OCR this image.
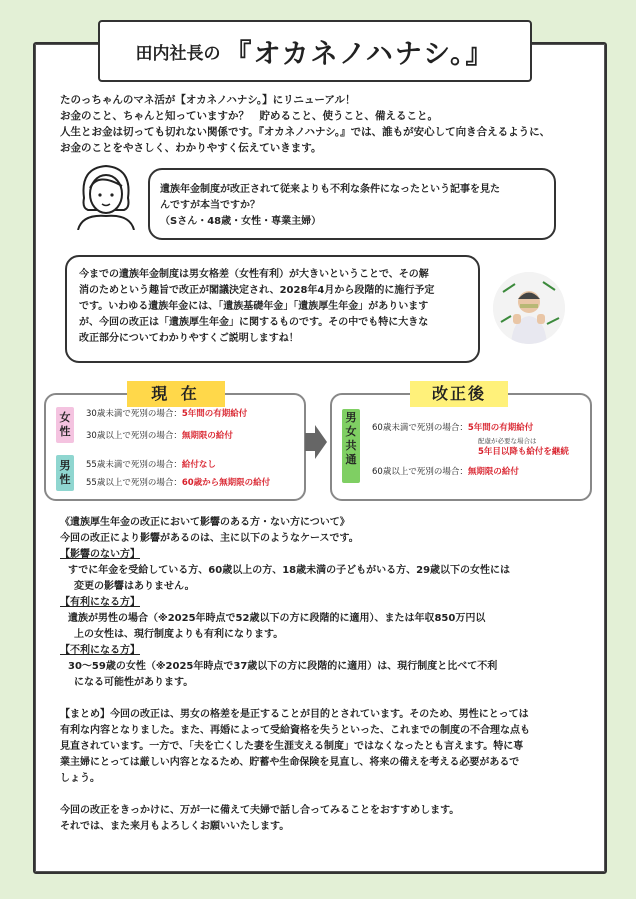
田内社長の 『オカネノハナシ。』

たのっちゃんのマネ活が【オカネノハナシ。】にリニューアル！

お金のこと、ちゃんと知っていますか？　貯めること、使うこと、備えること。

人生とお金は切っても切れない関係です。『オカネノハナシ。』では、誰もが安心して向き合えるように、

お金のことをやさしく、わかりやすく伝えていきます。

遺族年金制度が改正されて従来よりも不利な条件になったという記事を見た
んですが本当ですか？
（Sさん・48歳・女性・専業主婦）
今までの遺族年金制度は男女格差（女性有利）が大きいということで、その解
消のためという趣旨で改正が閣議決定され、2028年4月から段階的に施行予定
です。いわゆる遺族年金には、「遺族基礎年金」「遺族厚生年金」がありいます
が、今回の改正は「遺族厚生年金」に関するものです。その中でも特に大きな
改正部分についてわかりやすくご説明しますね！
女性
30歳未満で死別の場合：5年間の有期給付
30歳以上で死別の場合：無期限の給付
男性
55歳未満で死別の場合：給付なし
55歳以上で死別の場合：60歳から無期限の給付
現 在
男女共通
60歳未満で死別の場合：5年間の有期給付
配慮が必要な場合は
5年目以降も給付を継続
60歳以上で死別の場合：無期限の給付
改正後

《遺族厚生年金の改正において影響のある方・ない方について》

今回の改正により影響があるのは、主に以下のようなケースです。

【影響のない方】

すでに年金を受給している方、60歳以上の方、18歳未満の子どもがいる方、29歳以下の女性には

変更の影響はありません。

【有利になる方】

遺族が男性の場合（※2025年時点で52歳以下の方に段階的に適用）、または年収850万円以

上の女性は、現行制度よりも有利になります。

【不利になる方】

30〜59歳の女性（※2025年時点で37歳以下の方に段階的に適用）は、現行制度と比べて不利

になる可能性があります。

【まとめ】今回の改正は、男女の格差を是正することが目的とされています。そのため、男性にとっては

有利な内容となりました。また、再婚によって受給資格を失うといった、これまでの制度の不合理な点も

見直されています。一方で、「夫を亡くした妻を生涯支える制度」ではなくなったとも言えます。特に専

業主婦にとっては厳しい内容となるため、貯蓄や生命保険を見直し、将来の備えを考える必要があるで

しょう。

今回の改正をきっかけに、万が一に備えて夫婦で話し合ってみることをおすすめします。

それでは、また来月もよろしくお願いいたします。
